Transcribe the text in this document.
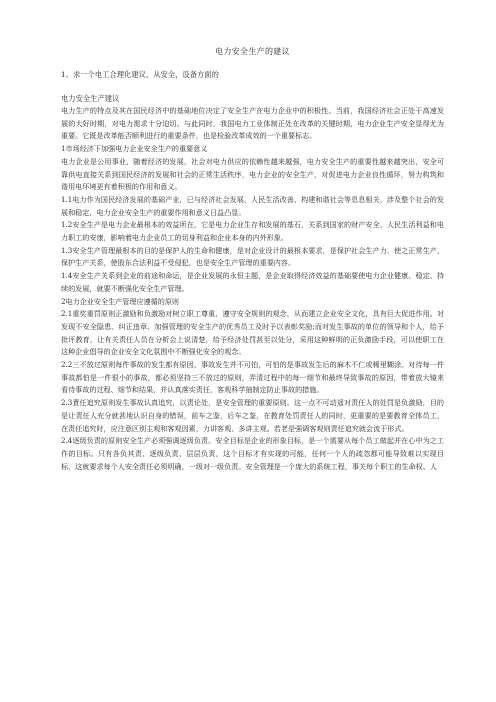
电力安全生产的建议
1、求一个电工合理化建议，从安全，设备方面的
电力安全生产建议

电力生产的特点及其在国民经济中的基础地位决定了安全生产在电力企业中的积极性。当前，我国经济社会正处于高速发展的大好时期，对电力需求十分迫切。与此同时，我国电力工业体制正处在改革的关键时期，电力企业生产安全显得尤为重要。它既是改革能否顺利进行的重要条件，也是检验改革成效的一个重要标志。

1市场经济下加强电力企业安全生产的重要意义

电力企业是公用事业，随着经济的发展，社会对电力供应的依赖性越来越强，电力安全生产的重要性越来越突出，安全可靠供电直接关系到国民经济的发展和社会的正常生活秩序，电力企业的安全生产，对促进电力企业良性循环，努力构筑和谐用电环境更有着积极的作用和意义。

1.1电力作为国民经济发展的基础产业，已与经济社会发展、人民生活改善、构建和谐社会等息息相关，涉及整个社会的发展和稳定，电力企业安全生产的重要作用和意义日益凸显。

1.2安全生产是电力企业最根本的效益所在，它是电力企业生存和发展的基石，关系到国家的财产安全、人民生活利益和电力职工的安康，影响着电力企业员工的切身利益和企业本身的内外形象。

1.3安全生产管理最根本的目的是保护人的生命和健康，是对企业设计的最根本要求，是保护社会生产力，使之正常生产，保护生产关系，使股东合法利益不受侵犯，也是安全生产管理的重要内容。

1.4安全生产关系到企业的前途和命运，是企业发展的永恒主题，是企业取得经济效益的基础要使电力企业健康、稳定、持续的发展，就要不断强化安全生产管理。

2电力企业安全生产管理应遵循的原则

2.1重奖重罚原则正激励和负激励对树立职工尊重、遵守安全规则的观念，从而建立企业安全文化，具有巨大促进作用。对发现不安全隐患、纠正违章、加强管理的安全生产的优秀员工及时予以表彰奖励;而对发生事故的单位的领导和个人，给予批评教育，让有关责任人员在分析会上说清楚，给予经济处罚甚至以处分，采用这种鲜明的正负激励手段，可以使职工在这种企业倡导的企业安全文化氛围中不断强化安全的观念。

2.2三不放过原则每件事故的发生都有原因，事故发生并不可怕，可怕的是事故发生后的麻木不仁或稀里糊涂。对待每一件事故都怕是一件很小的事故，都必须坚持三不放过的原则，弄清过程中的每一细节和最终导致事故的原因，带着放大镜来看待事故的过程、细节和结果，并认真落实责任，客观科学抽制定防止事故的措施。

2.3責任追究原则发生事故认真追究，以责论处，是安全管理的重要原则。这一点不可动遥对责任人的处罚是负激励，目的是让责任人充分就甚地认识自身的错误，前车之鉴，后车之鉴，在教育处罚责任人的同时，更重要的是要教育全体员工，在责任追究时，应注意区别主观和客观因素，力讲客观、多讲主观。若老是强调客观则责任追究就会流于形式。

2.4逐级负责的原则安全生产必须强调逐级负责。安全目标是企业的形象目标，是一个需要从每个员工做起并在心中为之工作的目标。只有各负其责、逐级负责、层层负责，这个目标才有实现的可能，任何一个人的疏忽都可能导致难以实现目标，这就要求每个人安全责任必须明确，一级对一级负责。安全管理是一个庞大的系统工程，事关每个职工的生命权、人
